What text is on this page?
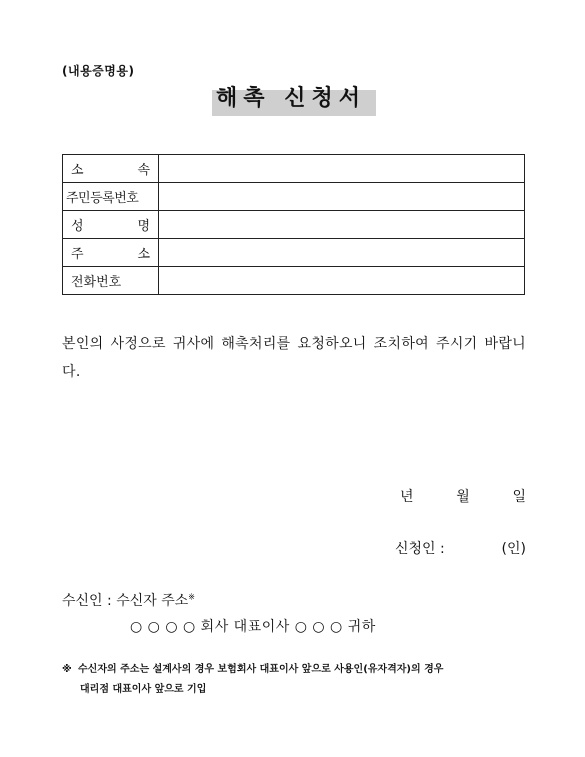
(내용증명용)
해촉 신청서
소 속	
주민등록번호	
성 명	
주 소	
전화번호	
본인의 사정으로 귀사에 해촉처리를 요청하오니 조치하여 주시기 바랍니다.
년	월	일
신청인 :	(인)
수신인 : 수신자 주소※
○ ○ ○ ○ 회사 대표이사 ○ ○ ○ 귀하
※ 수신자의 주소는 설계사의 경우 보험회사 대표이사 앞으로 사용인(유자격자)의 경우
대리점 대표이사 앞으로 기입
